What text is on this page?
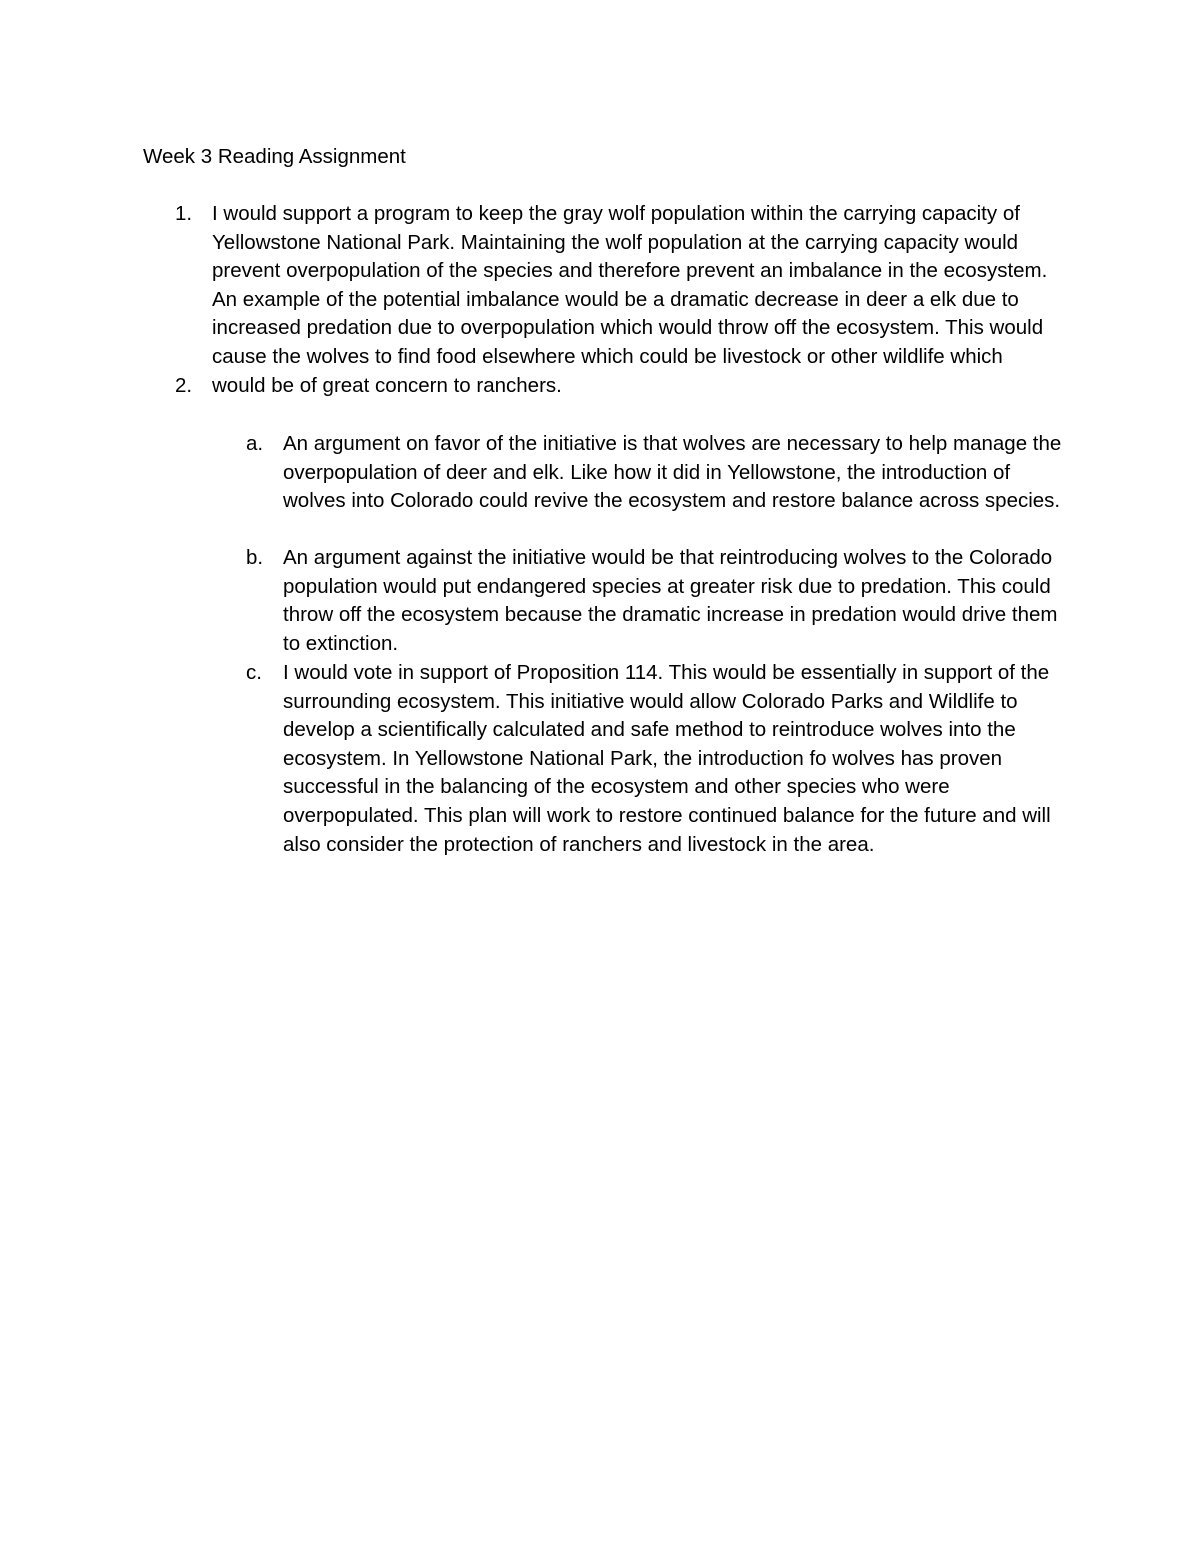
Week 3 Reading Assignment
1. I would support a program to keep the gray wolf population within the carrying capacity of Yellowstone National Park. Maintaining the wolf population at the carrying capacity would prevent overpopulation of the species and therefore prevent an imbalance in the ecosystem. An example of the potential imbalance would be a dramatic decrease in deer a elk due to increased predation due to overpopulation which would throw off the ecosystem. This would cause the wolves to find food elsewhere which could be livestock or other wildlife which would be of great concern to ranchers.
2.
a. An argument on favor of the initiative is that wolves are necessary to help manage the overpopulation of deer and elk. Like how it did in Yellowstone, the introduction of wolves into Colorado could revive the ecosystem and restore balance across species.
b. An argument against the initiative would be that reintroducing wolves to the Colorado population would put endangered species at greater risk due to predation. This could throw off the ecosystem because the dramatic increase in predation would drive them to extinction.
c. I would vote in support of Proposition 114. This would be essentially in support of the surrounding ecosystem. This initiative would allow Colorado Parks and Wildlife to develop a scientifically calculated and safe method to reintroduce wolves into the ecosystem. In Yellowstone National Park, the introduction fo wolves has proven successful in the balancing of the ecosystem and other species who were overpopulated. This plan will work to restore continued balance for the future and will also consider the protection of ranchers and livestock in the area.
